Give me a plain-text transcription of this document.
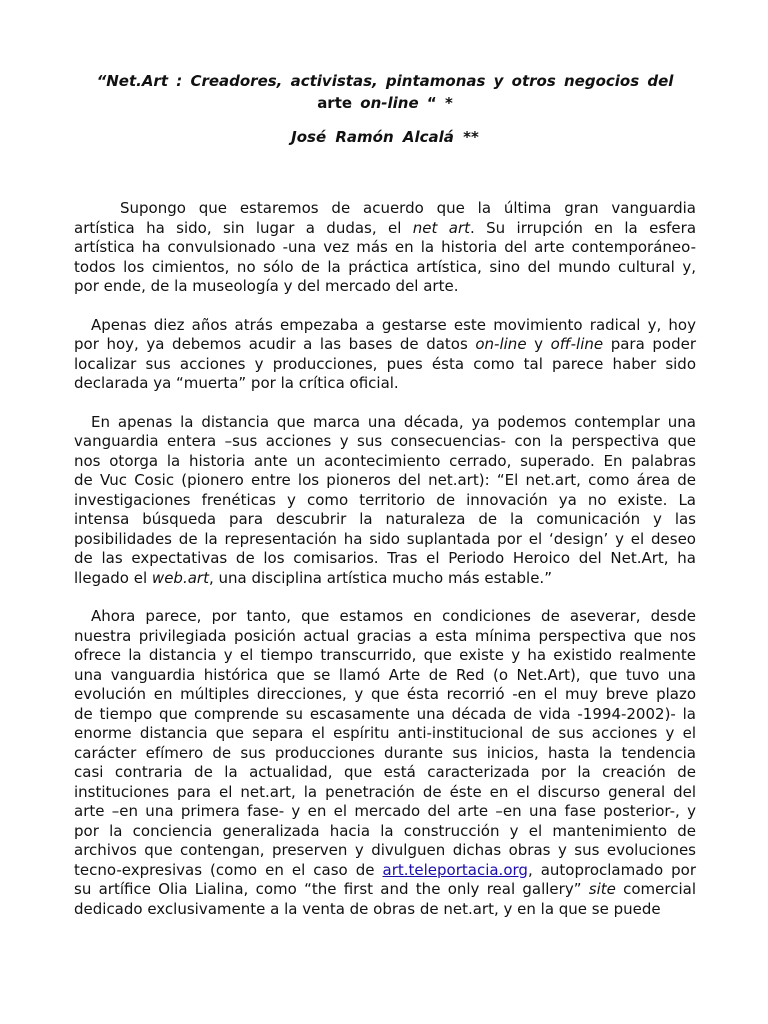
“Net.Art : Creadores, activistas, pintamonas y otros negocios del
arte on-line “ *
José Ramón Alcalá **
Supongo que estaremos de acuerdo que la última gran vanguardia
artística ha sido, sin lugar a dudas, el net art. Su irrupción en la esfera
artística ha convulsionado -una vez más en la historia del arte contemporáneo-
todos los cimientos, no sólo de la práctica artística, sino del mundo cultural y,
por ende, de la museología y del mercado del arte.
Apenas diez años atrás empezaba a gestarse este movimiento radical y, hoy
por hoy, ya debemos acudir a las bases de datos on-line y off-line para poder
localizar sus acciones y producciones, pues ésta como tal parece haber sido
declarada ya “muerta” por la crítica oficial.
En apenas la distancia que marca una década, ya podemos contemplar una
vanguardia entera –sus acciones y sus consecuencias- con la perspectiva que
nos otorga la historia ante un acontecimiento cerrado, superado. En palabras
de Vuc Cosic (pionero entre los pioneros del net.art): “El net.art, como área de
investigaciones frenéticas y como territorio de innovación ya no existe. La
intensa búsqueda para descubrir la naturaleza de la comunicación y las
posibilidades de la representación ha sido suplantada por el ‘design’ y el deseo
de las expectativas de los comisarios. Tras el Periodo Heroico del Net.Art, ha
llegado el web.art, una disciplina artística mucho más estable.”
Ahora parece, por tanto, que estamos en condiciones de aseverar, desde
nuestra privilegiada posición actual gracias a esta mínima perspectiva que nos
ofrece la distancia y el tiempo transcurrido, que existe y ha existido realmente
una vanguardia histórica que se llamó Arte de Red (o Net.Art), que tuvo una
evolución en múltiples direcciones, y que ésta recorrió -en el muy breve plazo
de tiempo que comprende su escasamente una década de vida -1994-2002)- la
enorme distancia que separa el espíritu anti-institucional de sus acciones y el
carácter efímero de sus producciones durante sus inicios, hasta la tendencia
casi contraria de la actualidad, que está caracterizada por la creación de
instituciones para el net.art, la penetración de éste en el discurso general del
arte –en una primera fase- y en el mercado del arte –en una fase posterior-, y
por la conciencia generalizada hacia la construcción y el mantenimiento de
archivos que contengan, preserven y divulguen dichas obras y sus evoluciones
tecno-expresivas (como en el caso de art.teleportacia.org, autoproclamado por
su artífice Olia Lialina, como “the first and the only real gallery” site comercial
dedicado exclusivamente a la venta de obras de net.art, y en la que se puede
